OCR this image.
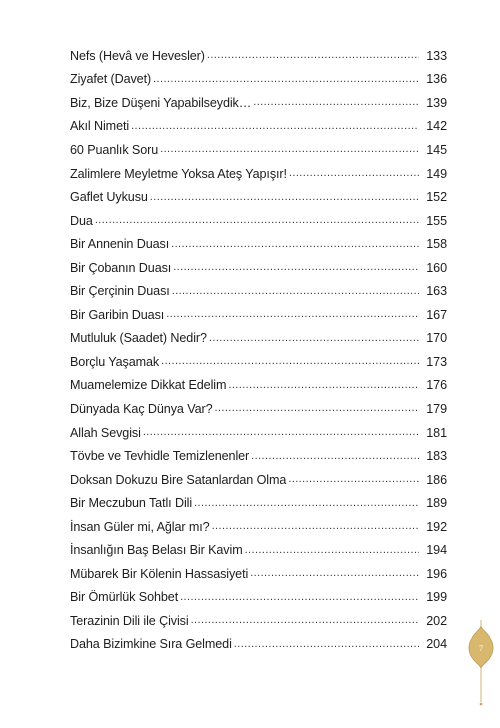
Nefs (Hevâ ve Hevesler) .....	133
Ziyafet (Davet) .....	136
Biz, Bize Düşeni Yapabilseydik… .....	139
Akıl Nimeti .....	142
60 Puanlık Soru .....	145
Zalimlere Meyletme Yoksa Ateş Yapışır! .....	149
Gaflet Uykusu .....	152
Dua .....	155
Bir Annenin Duası .....	158
Bir Çobanın Duası .....	160
Bir Çerçinin Duası .....	163
Bir Garibin Duası .....	167
Mutluluk (Saadet) Nedir? .....	170
Borçlu Yaşamak .....	173
Muamelemize Dikkat Edelim .....	176
Dünyada Kaç Dünya Var? .....	179
Allah Sevgisi .....	181
Tövbe ve Tevhidle Temizlenenler .....	183
Doksan Dokuzu Bire Satanlardan Olma .....	186
Bir Meczubun Tatlı Dili .....	189
İnsan Güler mi, Ağlar mı? .....	192
İnsanlığın Baş Belası Bir Kavim .....	194
Mübarek Bir Kölenin Hassasiyeti .....	196
Bir Ömürlük Sohbet .....	199
Terazinin Dili ile Çivisi .....	202
Daha Bizimkine Sıra Gelmedi .....	204	7
